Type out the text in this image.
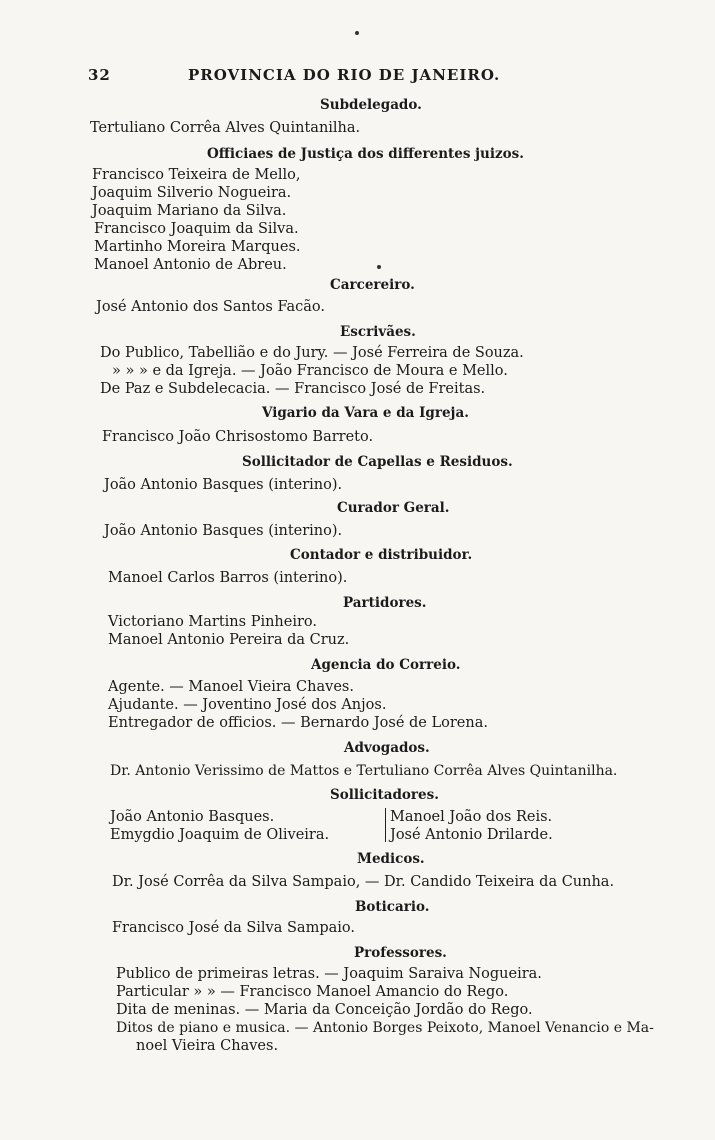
32	PROVINCIA DO RIO DE JANEIRO.
Subdelegado.
Tertuliano Corrêa Alves Quintanilha.
Officiaes de Justiça dos differentes juizos.
Francisco Teixeira de Mello,
Joaquim Silverio Nogueira.
Joaquim Mariano da Silva.
Francisco Joaquim da Silva.
Martinho Moreira Marques.
Manoel Antonio de Abreu.
Carcereiro.
José Antonio dos Santos Facão.
Escrivães.
Do Publico, Tabellião e do Jury. — José Ferreira de Souza.
» » » e da Igreja. — João Francisco de Moura e Mello.
De Paz e Subdelecacia. — Francisco José de Freitas.
Vigario da Vara e da Igreja.
Francisco João Chrisostomo Barreto.
Sollicitador de Capellas e Residuos.
João Antonio Basques (interino).
Curador Geral.
João Antonio Basques (interino).
Contador e distribuidor.
Manoel Carlos Barros (interino).
Partidores.
Victoriano Martins Pinheiro.
Manoel Antonio Pereira da Cruz.
Agencia do Correio.
Agente. — Manoel Vieira Chaves.
Ajudante. — Joventino José dos Anjos.
Entregador de officios. — Bernardo José de Lorena.
Advogados.
Dr. Antonio Verissimo de Mattos e Tertuliano Corrêa Alves Quintanilha.
Sollicitadores.
João Antonio Basques.
Emygdio Joaquim de Oliveira.
Manoel João dos Reis.
José Antonio Drilarde.
Medicos.
Dr. José Corrêa da Silva Sampaio, — Dr. Candido Teixeira da Cunha.
Boticario.
Francisco José da Silva Sampaio.
Professores.
Publico de primeiras letras. — Joaquim Saraiva Nogueira.
Particular » » — Francisco Manoel Amancio do Rego.
Dita de meninas. — Maria da Conceição Jordão do Rego.
Ditos de piano e musica. — Antonio Borges Peixoto, Manoel Venancio e Ma-
noel Vieira Chaves.
